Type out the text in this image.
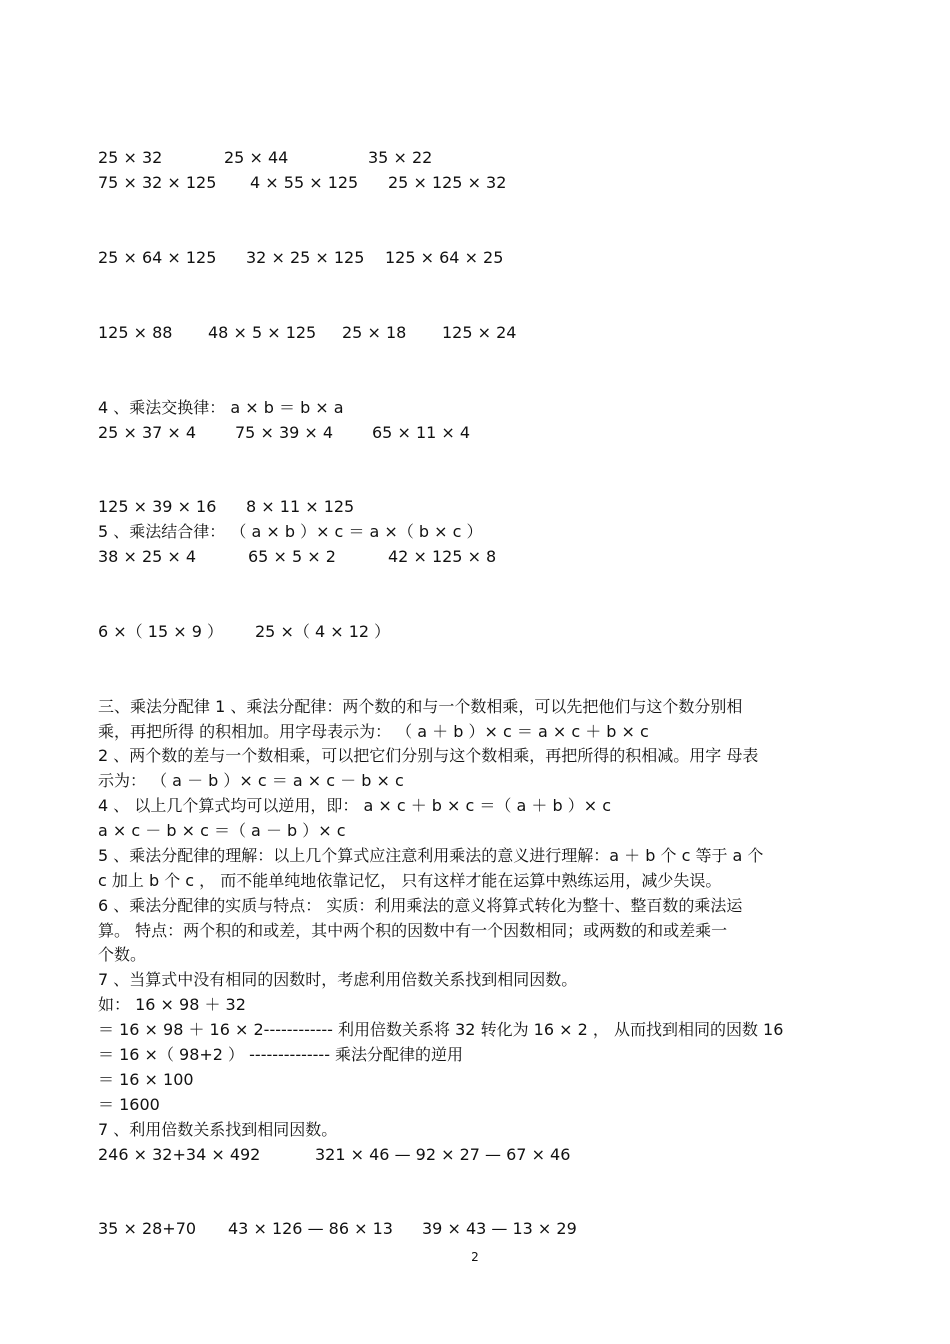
25 × 32	25 × 44	35 × 22
75 × 32 × 125 4 × 55 × 125 25 × 125 × 32
25 × 64 × 125 32 × 25 × 125 125 × 64 × 25
125 × 88 48 × 5 × 125 25 × 18 125 × 24
4 、乘法交换律： a × b ＝ b × a
25 × 37 × 4 75 × 39 × 4 65 × 11 × 4
125 × 39 × 16 8 × 11 × 125
5 、乘法结合律： （ a × b ）× c ＝ a ×（ b × c ）
38 × 25 × 4	65 × 5 × 2	42 × 125 × 8
6 ×（ 15 × 9 ） 25 ×（ 4 × 12 ）
三、乘法分配律 1 、乘法分配律：两个数的和与一个数相乘，可以先把他们与这个数分别相
乘，再把所得 的积相加。用字母表示为： （ a ＋ b ）× c ＝ a × c ＋ b × c
2 、两个数的差与一个数相乘，可以把它们分别与这个数相乘，再把所得的积相减。用字 母表
示为： （ a － b ）× c ＝ a × c － b × c
4 、 以上几个算式均可以逆用，即： a × c ＋ b × c ＝（ a ＋ b ）× c
a × c － b × c ＝（ a － b ）× c
5 、乘法分配律的理解：以上几个算式应注意利用乘法的意义进行理解：a ＋ b 个 c 等于 a 个
c 加上 b 个 c ， 而不能单纯地依靠记忆， 只有这样才能在运算中熟练运用，减少失误。
6 、乘法分配律的实质与特点： 实质：利用乘法的意义将算式转化为整十、整百数的乘法运
算。 特点：两个积的和或差，其中两个积的因数中有一个因数相同；或两数的和或差乘一
个数。
7 、当算式中没有相同的因数时，考虑利用倍数关系找到相同因数。
如： 16 × 98 ＋ 32
＝ 16 × 98 ＋ 16 × 2------------ 利用倍数关系将 32 转化为 16 × 2 ， 从而找到相同的因数 16
＝ 16 ×（ 98+2 ） -------------- 乘法分配律的逆用
＝ 16 × 100
＝ 1600
7 、利用倍数关系找到相同因数。
246 × 32+34 × 492	321 × 46 — 92 × 27 — 67 × 46
35 × 28+70 43 × 126 — 86 × 13 39 × 43 — 13 × 29
2
